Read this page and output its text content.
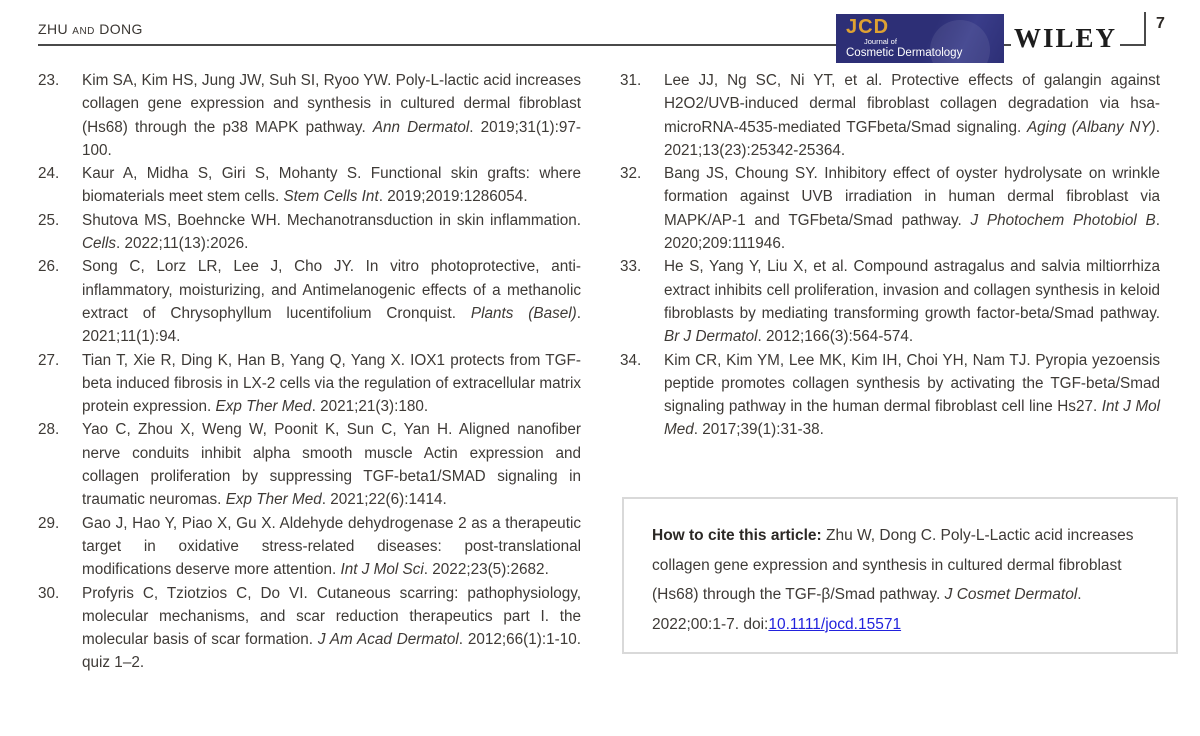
ZHU AND DONG	JCD
Journal of
Cosmetic Dermatology
WILEY 7
23.	Kim SA, Kim HS, Jung JW, Suh SI, Ryoo YW. Poly-L-lactic acid increases collagen gene expression and synthesis in cultured dermal fibroblast (Hs68) through the p38 MAPK pathway. Ann Dermatol. 2019;31(1):97-100.
24.	Kaur A, Midha S, Giri S, Mohanty S. Functional skin grafts: where biomaterials meet stem cells. Stem Cells Int. 2019;2019:1286054.
25.	Shutova MS, Boehncke WH. Mechanotransduction in skin inflammation. Cells. 2022;11(13):2026.
26.	Song C, Lorz LR, Lee J, Cho JY. In vitro photoprotective, anti-inflammatory, moisturizing, and Antimelanogenic effects of a methanolic extract of Chrysophyllum lucentifolium Cronquist. Plants (Basel). 2021;11(1):94.
27.	Tian T, Xie R, Ding K, Han B, Yang Q, Yang X. IOX1 protects from TGF-beta induced fibrosis in LX-2 cells via the regulation of extracellular matrix protein expression. Exp Ther Med. 2021;21(3):180.
28.	Yao C, Zhou X, Weng W, Poonit K, Sun C, Yan H. Aligned nanofiber nerve conduits inhibit alpha smooth muscle Actin expression and collagen proliferation by suppressing TGF-beta1/SMAD signaling in traumatic neuromas. Exp Ther Med. 2021;22(6):1414.
29.	Gao J, Hao Y, Piao X, Gu X. Aldehyde dehydrogenase 2 as a therapeutic target in oxidative stress-related diseases: post-translational modifications deserve more attention. Int J Mol Sci. 2022;23(5):2682.
30.	Profyris C, Tziotzios C, Do VI. Cutaneous scarring: pathophysiology, molecular mechanisms, and scar reduction therapeutics part I. the molecular basis of scar formation. J Am Acad Dermatol. 2012;66(1):1-10. quiz 1–2.
31.	Lee JJ, Ng SC, Ni YT, et al. Protective effects of galangin against H2O2/UVB-induced dermal fibroblast collagen degradation via hsa-microRNA-4535-mediated TGFbeta/Smad signaling. Aging (Albany NY). 2021;13(23):25342-25364.
32.	Bang JS, Choung SY. Inhibitory effect of oyster hydrolysate on wrinkle formation against UVB irradiation in human dermal fibroblast via MAPK/AP-1 and TGFbeta/Smad pathway. J Photochem Photobiol B. 2020;209:111946.
33.	He S, Yang Y, Liu X, et al. Compound astragalus and salvia miltiorrhiza extract inhibits cell proliferation, invasion and collagen synthesis in keloid fibroblasts by mediating transforming growth factor-beta/Smad pathway. Br J Dermatol. 2012;166(3):564-574.
34.	Kim CR, Kim YM, Lee MK, Kim IH, Choi YH, Nam TJ. Pyropia yezoensis peptide promotes collagen synthesis by activating the TGF-beta/Smad signaling pathway in the human dermal fibroblast cell line Hs27. Int J Mol Med. 2017;39(1):31-38.
How to cite this article: Zhu W, Dong C. Poly-L-Lactic acid increases collagen gene expression and synthesis in cultured dermal fibroblast (Hs68) through the TGF-β/Smad pathway. J Cosmet Dermatol. 2022;00:1-7. doi:10.1111/jocd.15571
